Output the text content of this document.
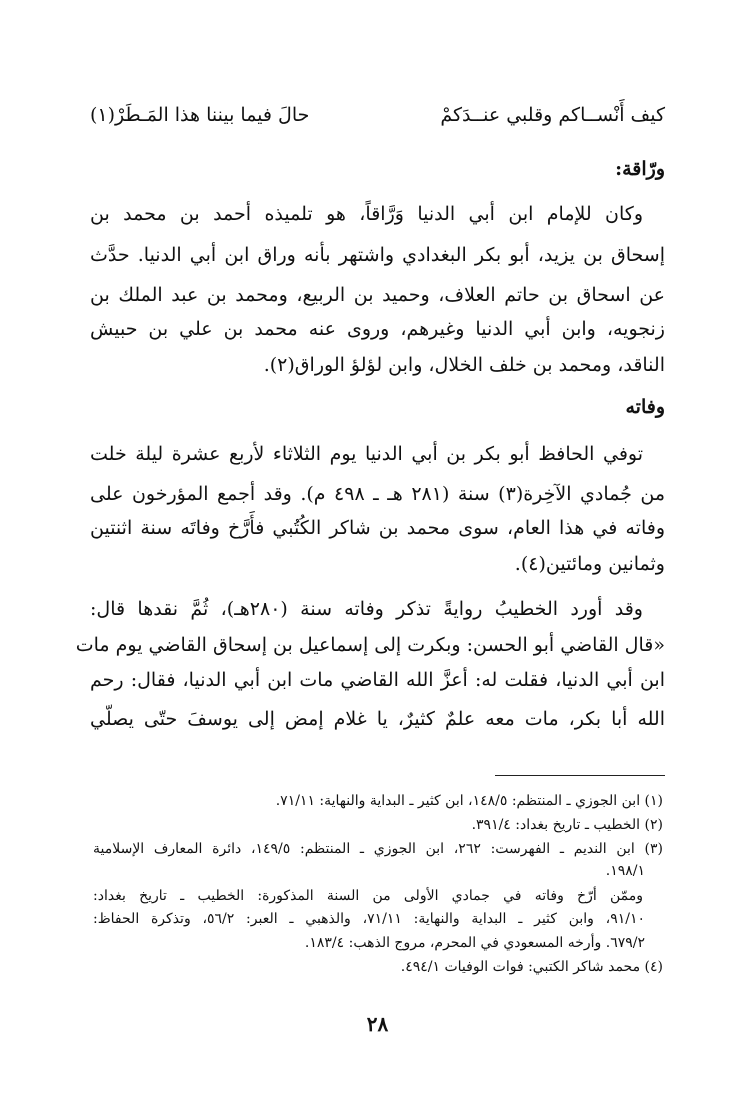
كيف أَنْســاكم وقلبي عنــدَكمْ
حالَ فيما بيننا هذا المَـطَرْ(١)
ورّاقة:
وكان للإمام ابن أبي الدنيا وَرَّاقاً، هو تلميذه أحمد بن محمد بن
إسحاق بن يزيد، أبو بكر البغدادي واشتهر بأنه وراق ابن أبي الدنيا. حدَّث
عن اسحاق بن حاتم العلاف، وحميد بن الربيع، ومحمد بن عبد الملك بن
زنجويه، وابن أبي الدنيا وغيرهم، وروى عنه محمد بن علي بن حبيش
الناقد، ومحمد بن خلف الخلال، وابن لؤلؤ الوراق(٢).
وفاته
توفي الحافظ أبو بكر بن أبي الدنيا يوم الثلاثاء لأربع عشرة ليلة خلت
من جُمادي الآخِرة(٣) سنة (٢٨١ هـ ـ ٤٩٨ م). وقد أجمع المؤرخون على
وفاته في هذا العام، سوى محمد بن شاكر الكُتُبي فأَرَّخ وفاتَه سنة اثنتين
وثمانين ومائتين(٤).
وقد أورد الخطيبُ روايةً تذكر وفاته سنة (٢٨٠هـ)، ثُمَّ نقدها قال:
«قال القاضي أبو الحسن: وبكرت إلى إسماعيل بن إسحاق القاضي يوم مات
ابن أبي الدنيا، فقلت له: أعزَّ الله القاضي مات ابن أبي الدنيا، فقال: رحم
الله أبا بكر، مات معه علمٌ كثيرٌ، يا غلام إمض إلى يوسفَ حتّى يصلّي
(١) ابن الجوزي ـ المنتظم: ١٤٨/٥، ابن كثير ـ البداية والنهاية: ٧١/١١.
(٢) الخطيب ـ تاريخ بغداد: ٣٩١/٤.
(٣) ابن النديم ـ الفهرست: ٢٦٢، ابن الجوزي ـ المنتظم: ١٤٩/٥، دائرة المعارف الإسلامية
١٩٨/١.
وممّن أرّخ وفاته في جمادي الأولى من السنة المذكورة: الخطيب ـ تاريخ بغداد:
٩١/١٠، وابن كثير ـ البداية والنهاية: ٧١/١١، والذهبي ـ العبر: ٥٦/٢، وتذكرة الحفاظ:
٦٧٩/٢. وأرخه المسعودي في المحرم، مروج الذهب: ١٨٣/٤.
(٤) محمد شاكر الكتبي: فوات الوفيات ٤٩٤/١.
٢٨
